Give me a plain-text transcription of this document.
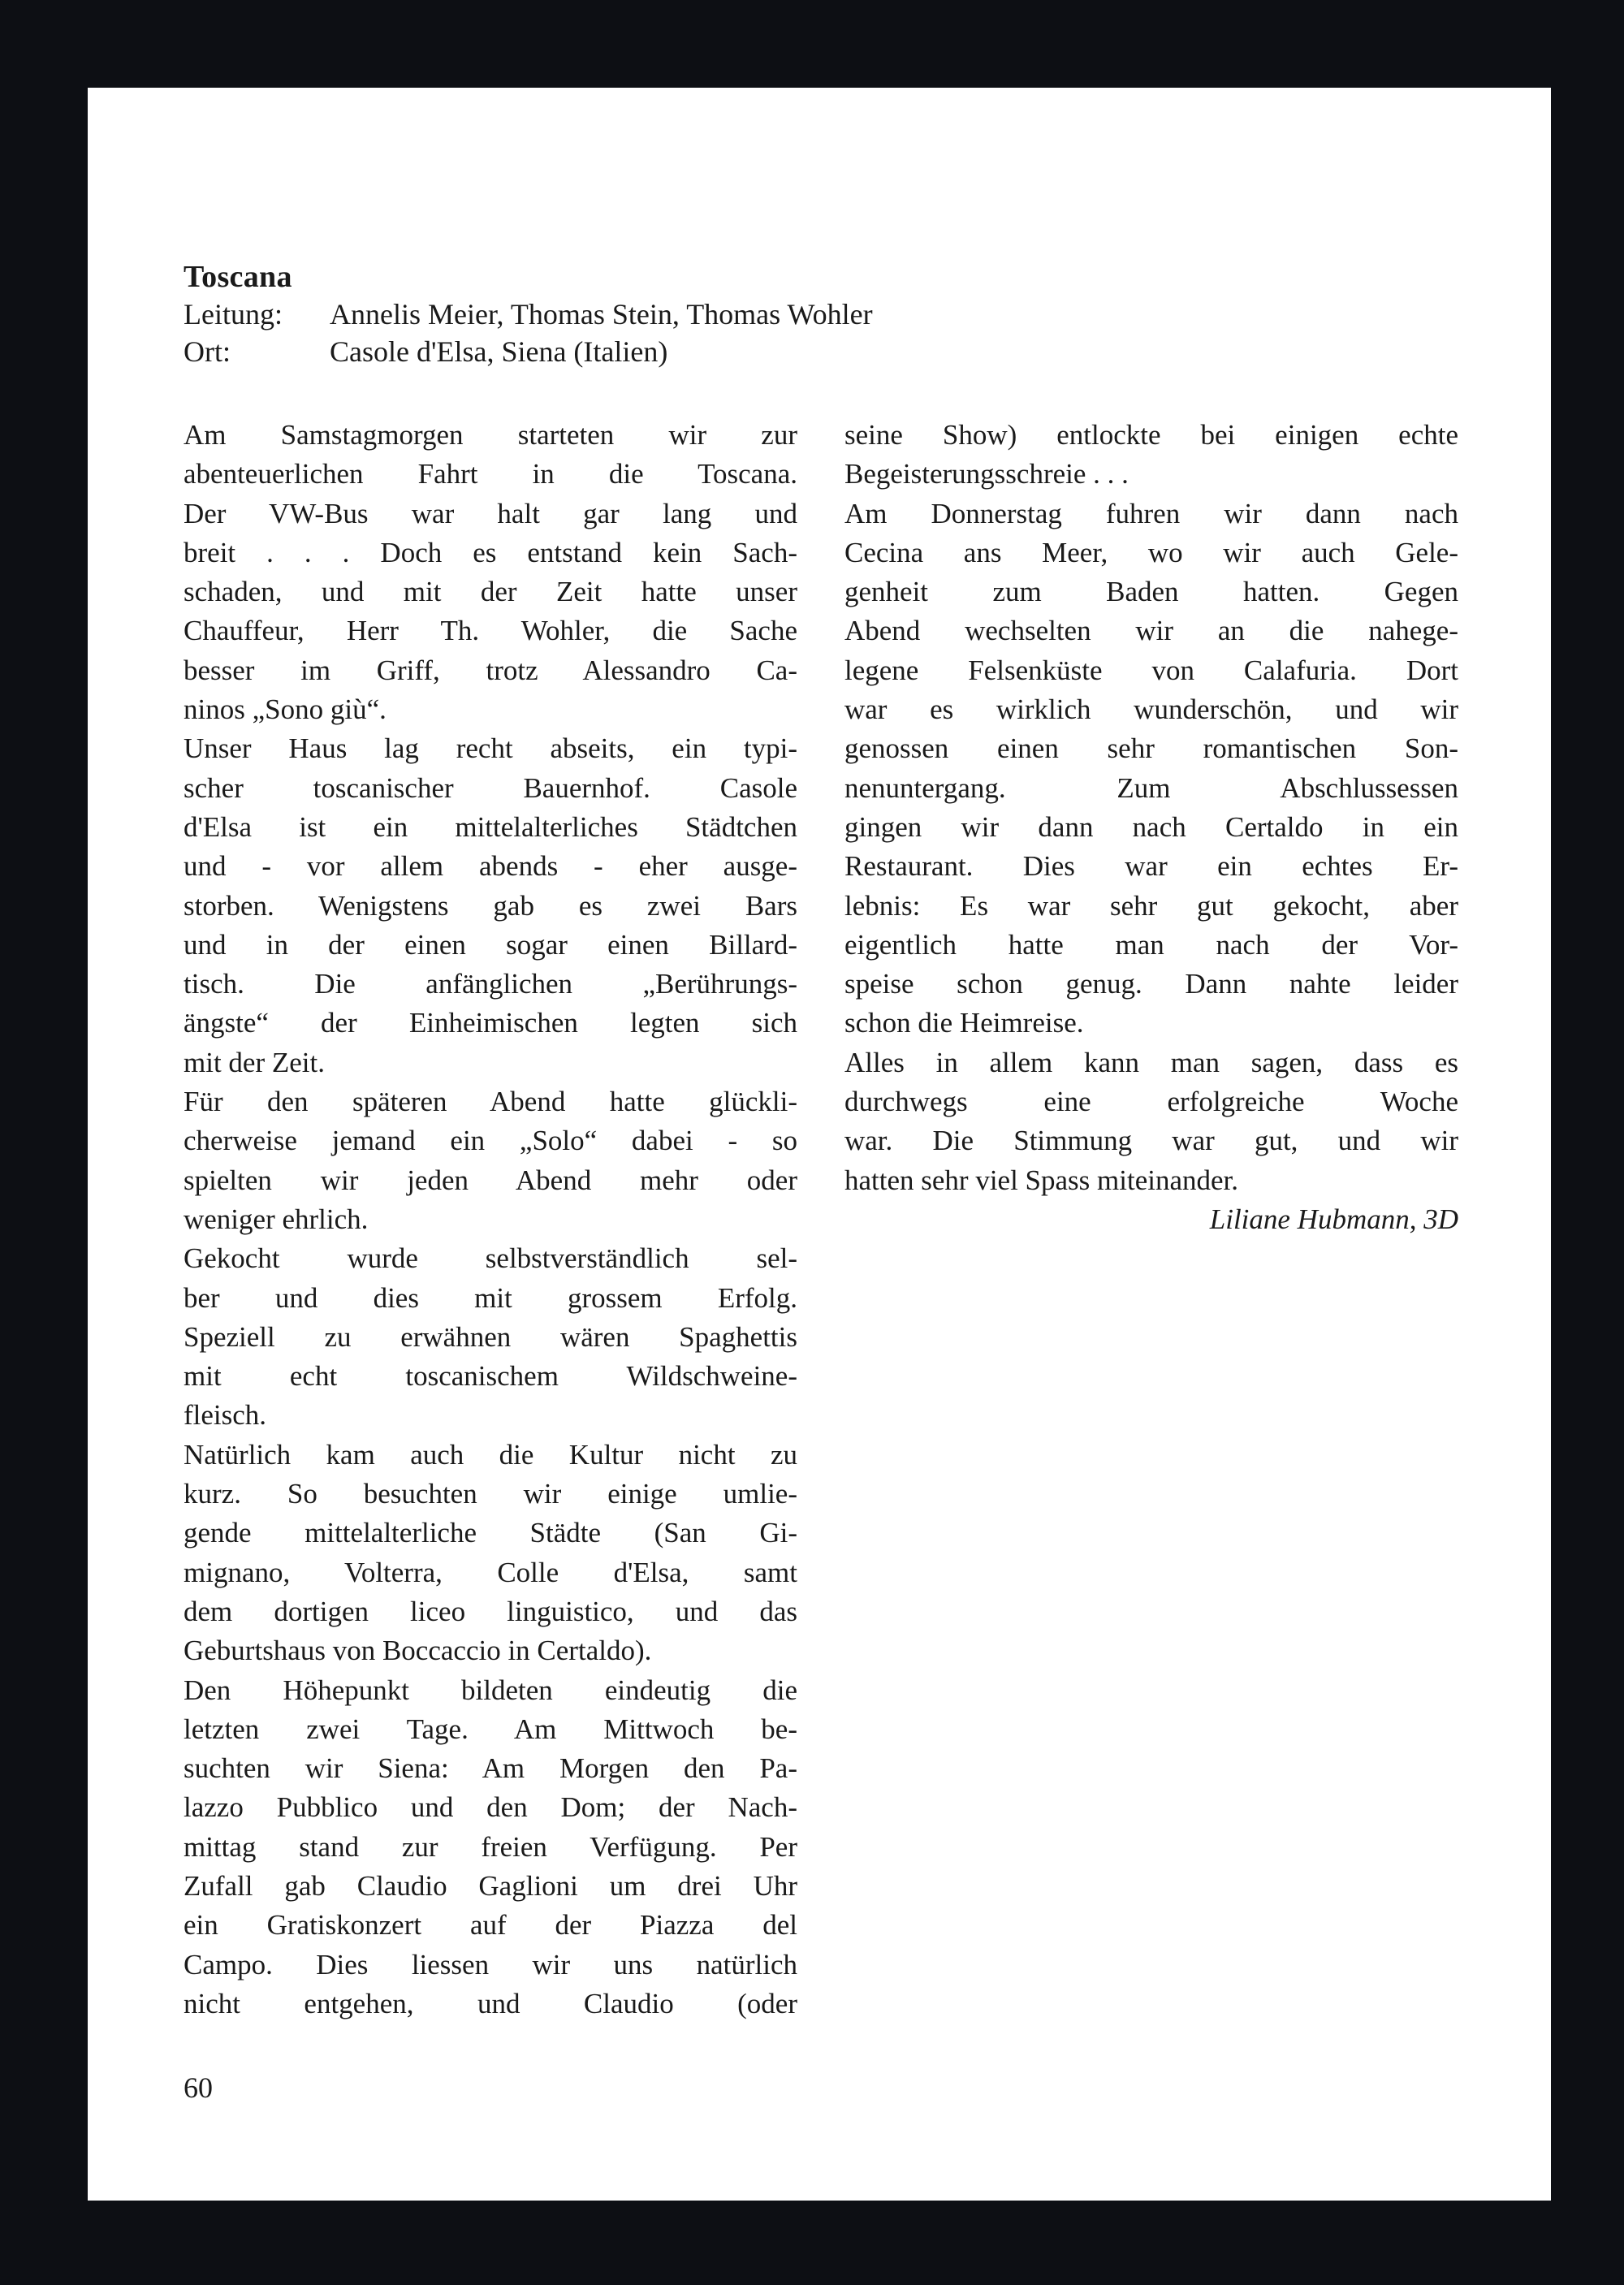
Toscana
Leitung:	Annelis Meier, Thomas Stein, Thomas Wohler
Ort:	Casole d'Elsa, Siena (Italien)
Am Samstagmorgen starteten wir zur
abenteuerlichen Fahrt in die Toscana.
Der VW-Bus war halt gar lang und
breit . . . Doch es entstand kein Sach-
schaden, und mit der Zeit hatte unser
Chauffeur, Herr Th. Wohler, die Sache
besser im Griff, trotz Alessandro Ca-
ninos „Sono giù“.
Unser Haus lag recht abseits, ein typi-
scher toscanischer Bauernhof. Casole
d'Elsa ist ein mittelalterliches Städtchen
und - vor allem abends - eher ausge-
storben. Wenigstens gab es zwei Bars
und in der einen sogar einen Billard-
tisch. Die anfänglichen „Berührungs-
ängste“ der Einheimischen legten sich
mit der Zeit.
Für den späteren Abend hatte glückli-
cherweise jemand ein „Solo“ dabei - so
spielten wir jeden Abend mehr oder
weniger ehrlich.
Gekocht wurde selbstverständlich sel-
ber und dies mit grossem Erfolg.
Speziell zu erwähnen wären Spaghettis
mit echt toscanischem Wildschweine-
fleisch.
Natürlich kam auch die Kultur nicht zu
kurz. So besuchten wir einige umlie-
gende mittelalterliche Städte (San Gi-
mignano, Volterra, Colle d'Elsa, samt
dem dortigen liceo linguistico, und das
Geburtshaus von Boccaccio in Certaldo).
Den Höhepunkt bildeten eindeutig die
letzten zwei Tage. Am Mittwoch be-
suchten wir Siena: Am Morgen den Pa-
lazzo Pubblico und den Dom; der Nach-
mittag stand zur freien Verfügung. Per
Zufall gab Claudio Gaglioni um drei Uhr
ein Gratiskonzert auf der Piazza del
Campo. Dies liessen wir uns natürlich
nicht entgehen, und Claudio (oder
seine Show) entlockte bei einigen echte
Begeisterungsschreie . . .
Am Donnerstag fuhren wir dann nach
Cecina ans Meer, wo wir auch Gele-
genheit zum Baden hatten. Gegen
Abend wechselten wir an die nahege-
legene Felsenküste von Calafuria. Dort
war es wirklich wunderschön, und wir
genossen einen sehr romantischen Son-
nenuntergang. Zum Abschlussessen
gingen wir dann nach Certaldo in ein
Restaurant. Dies war ein echtes Er-
lebnis: Es war sehr gut gekocht, aber
eigentlich hatte man nach der Vor-
speise schon genug. Dann nahte leider
schon die Heimreise.
Alles in allem kann man sagen, dass es
durchwegs eine erfolgreiche Woche
war. Die Stimmung war gut, und wir
hatten sehr viel Spass miteinander.
Liliane Hubmann, 3D
60
